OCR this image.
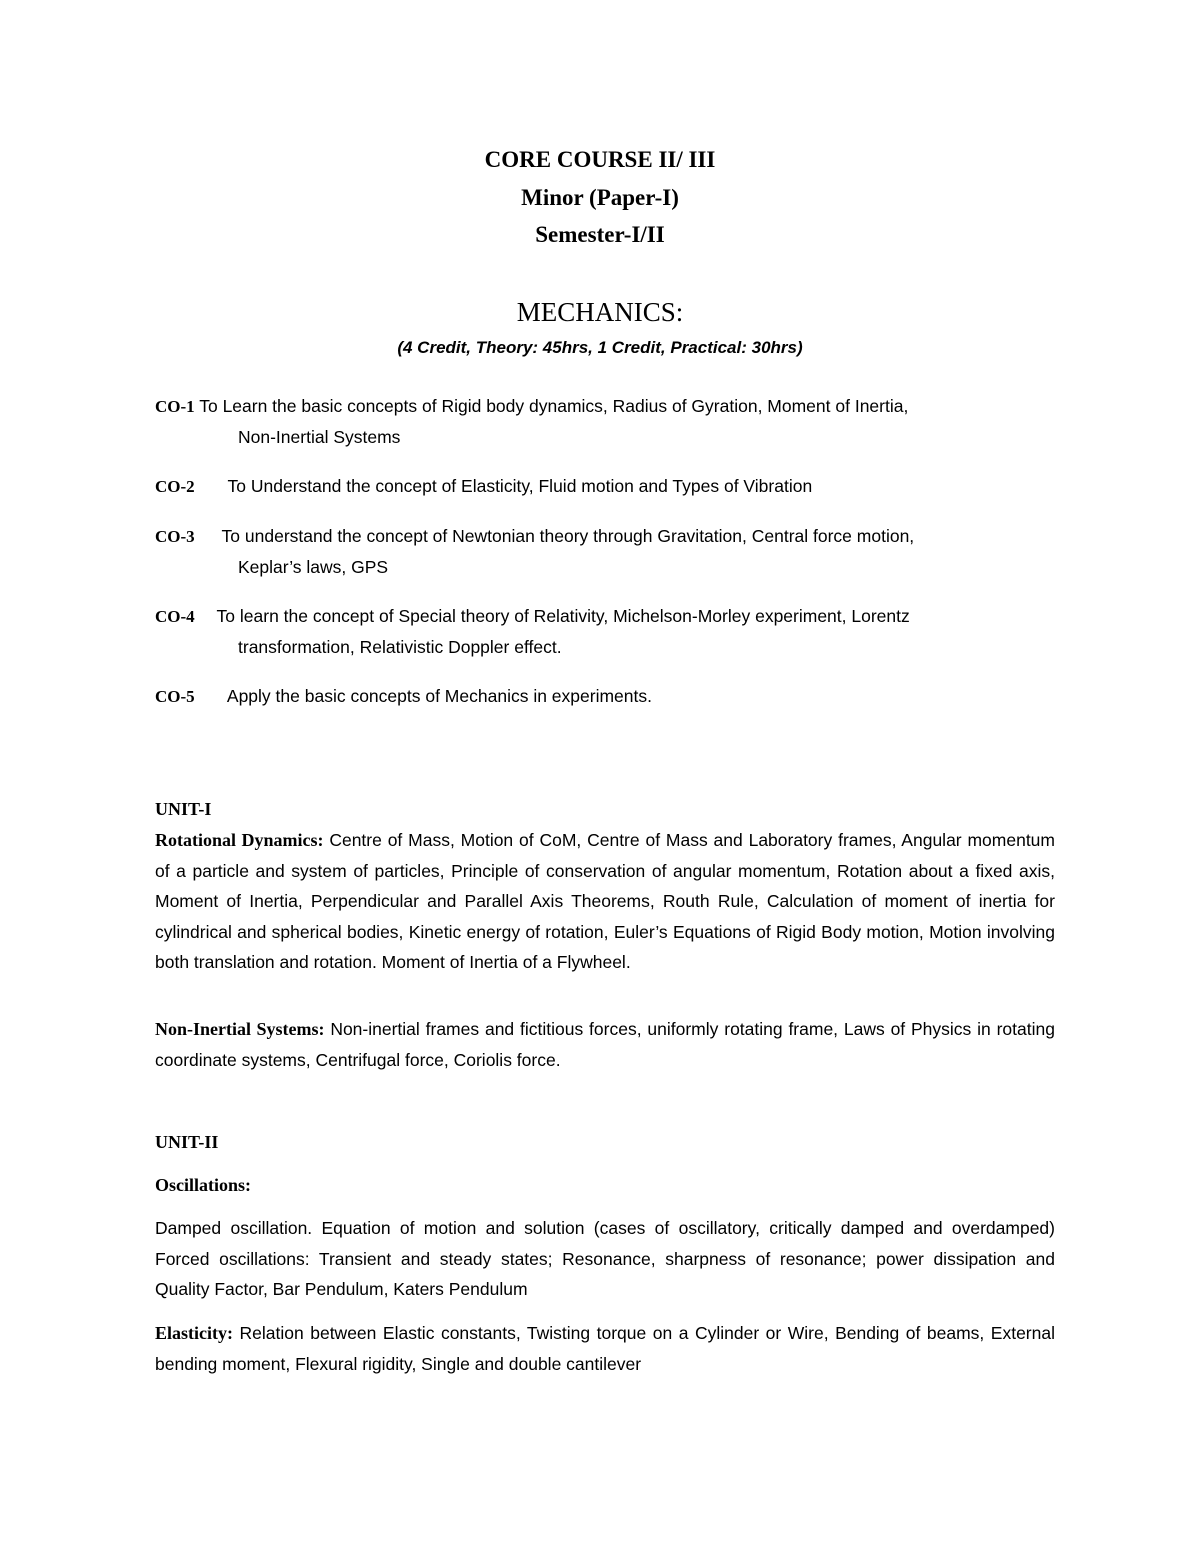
CORE COURSE II/ III
Minor (Paper-I)
Semester-I/II
MECHANICS:
(4 Credit, Theory: 45hrs, 1 Credit, Practical: 30hrs)
CO-1 To Learn the basic concepts of Rigid body dynamics, Radius of Gyration, Moment of Inertia,
Non-Inertial Systems
CO-2 To Understand the concept of Elasticity, Fluid motion and Types of Vibration
CO-3 To understand the concept of Newtonian theory through Gravitation, Central force motion,
Keplar’s laws, GPS
CO-4 To learn the concept of Special theory of Relativity, Michelson-Morley experiment, Lorentz
transformation, Relativistic Doppler effect.
CO-5 Apply the basic concepts of Mechanics in experiments.
UNIT-I
Rotational Dynamics: Centre of Mass, Motion of CoM, Centre of Mass and Laboratory frames, Angular momentum of a particle and system of particles, Principle of conservation of angular momentum, Rotation about a fixed axis, Moment of Inertia, Perpendicular and Parallel Axis Theorems, Routh Rule, Calculation of moment of inertia for cylindrical and spherical bodies, Kinetic energy of rotation, Euler’s Equations of Rigid Body motion, Motion involving both translation and rotation. Moment of Inertia of a Flywheel.
Non-Inertial Systems: Non-inertial frames and fictitious forces, uniformly rotating frame, Laws of Physics in rotating coordinate systems, Centrifugal force, Coriolis force.
UNIT-II
Oscillations:
Damped oscillation. Equation of motion and solution (cases of oscillatory, critically damped and overdamped) Forced oscillations: Transient and steady states; Resonance, sharpness of resonance; power dissipation and Quality Factor, Bar Pendulum, Katers Pendulum
Elasticity: Relation between Elastic constants, Twisting torque on a Cylinder or Wire, Bending of beams, External bending moment, Flexural rigidity, Single and double cantilever
